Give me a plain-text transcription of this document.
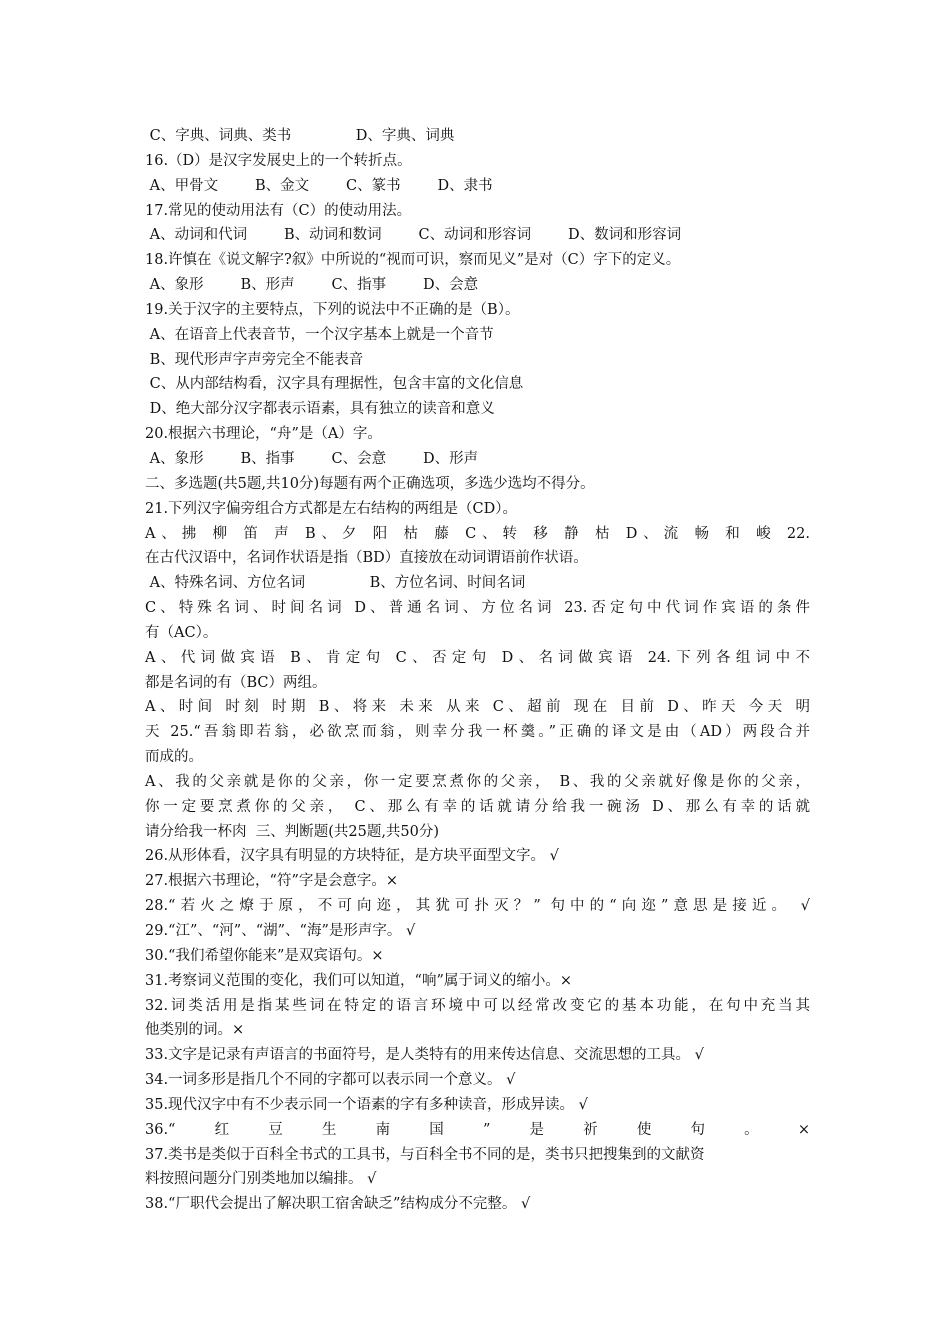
C、字典、词典、类书              D、字典、词典
16.（D）是汉字发展史上的一个转折点。
A、甲骨文        B、金文        C、篆书        D、隶书
17.常见的使动用法有（C）的使动用法。
A、动词和代词        B、动词和数词        C、动词和形容词        D、数词和形容词
18.许慎在《说文解字?叙》中所说的“视而可识，察而见义”是对（C）字下的定义。
A、象形        B、形声        C、指事        D、会意
19.关于汉字的主要特点，下列的说法中不正确的是（B）。
A、在语音上代表音节，一个汉字基本上就是一个音节
B、现代形声字声旁完全不能表音
C、从内部结构看，汉字具有理据性，包含丰富的文化信息
D、绝大部分汉字都表示语素，具有独立的读音和意义
20.根据六书理论，“舟”是（A）字。
A、象形        B、指事        C、会意        D、形声
二、多选题(共5题,共10分)每题有两个正确选项，多选少选均不得分。
21.下列汉字偏旁组合方式都是左右结构的两组是（CD）。
A、拂 柳 笛 声 B、夕 阳 枯 藤 C、转 移 静 枯 D、流 畅 和 峻 22.
在古代汉语中，名词作状语是指（BD）直接放在动词谓语前作状语。
A、特殊名词、方位名词              B、方位名词、时间名词
C、特殊名词、时间名词 D、普通名词、方位名词 23.否定句中代词作宾语的条件
有（AC）。
A、代词做宾语 B、肯定句 C、否定句 D、名词做宾语 24.下列各组词中不
都是名词的有（BC）两组。
A、时间 时刻 时期 B、将来 未来 从来 C、超前 现在 目前 D、昨天 今天 明
天 25.“吾翁即若翁，必欲烹而翁，则幸分我一杯羹。”正确的译文是由（AD）两段合并
而成的。
A、我的父亲就是你的父亲，你一定要烹煮你的父亲， B、我的父亲就好像是你的父亲，
你一定要烹煮你的父亲， C、那么有幸的话就请分给我一碗汤 D、那么有幸的话就
请分给我一杯肉  三、判断题(共25题,共50分)
26.从形体看，汉字具有明显的方块特征，是方块平面型文字。 √
27.根据六书理论，“符”字是会意字。×
28.“若火之燎于原，不可向迩，其犹可扑灭？” 句中的“向迩”意思是接近。 √
29.“江”、“河”、“湖”、“海”是形声字。 √
30.“我们希望你能来”是双宾语句。×
31.考察词义范围的变化，我们可以知道，“响”属于词义的缩小。×
32.词类活用是指某些词在特定的语言环境中可以经常改变它的基本功能，在句中充当其
他类别的词。×
33.文字是记录有声语言的书面符号，是人类特有的用来传达信息、交流思想的工具。 √
34.一词多形是指几个不同的字都可以表示同一个意义。 √
35.现代汉字中有不少表示同一个语素的字有多种读音，形成异读。 √
36.“红豆生南国”是祈使句。×
37.类书是类似于百科全书式的工具书，与百科全书不同的是，类书只把搜集到的文献资
料按照问题分门别类地加以编排。 √
38.“厂职代会提出了解决职工宿舍缺乏”结构成分不完整。 √
